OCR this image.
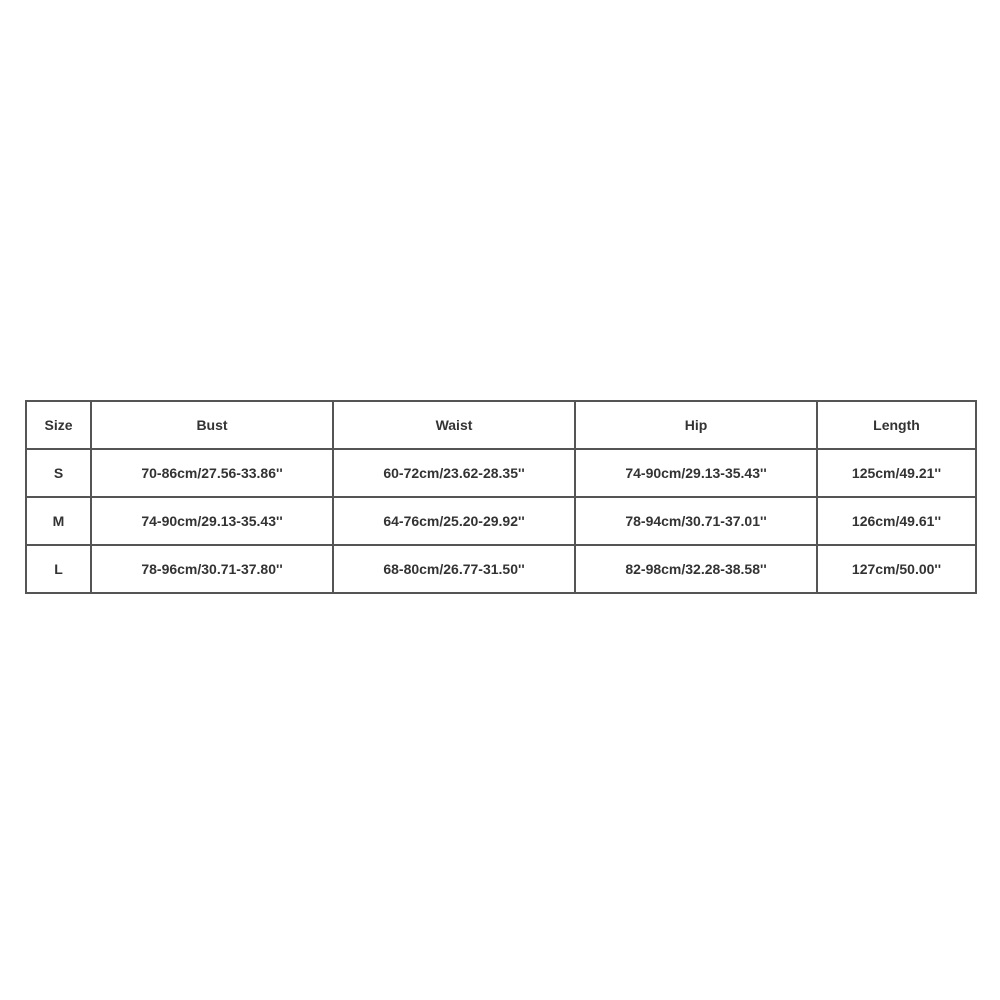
Size	Bust	Waist	Hip	Length
S	70-86cm/27.56-33.86''	60-72cm/23.62-28.35''	74-90cm/29.13-35.43''	125cm/49.21''
M	74-90cm/29.13-35.43''	64-76cm/25.20-29.92''	78-94cm/30.71-37.01''	126cm/49.61''
L	78-96cm/30.71-37.80''	68-80cm/26.77-31.50''	82-98cm/32.28-38.58''	127cm/50.00''
